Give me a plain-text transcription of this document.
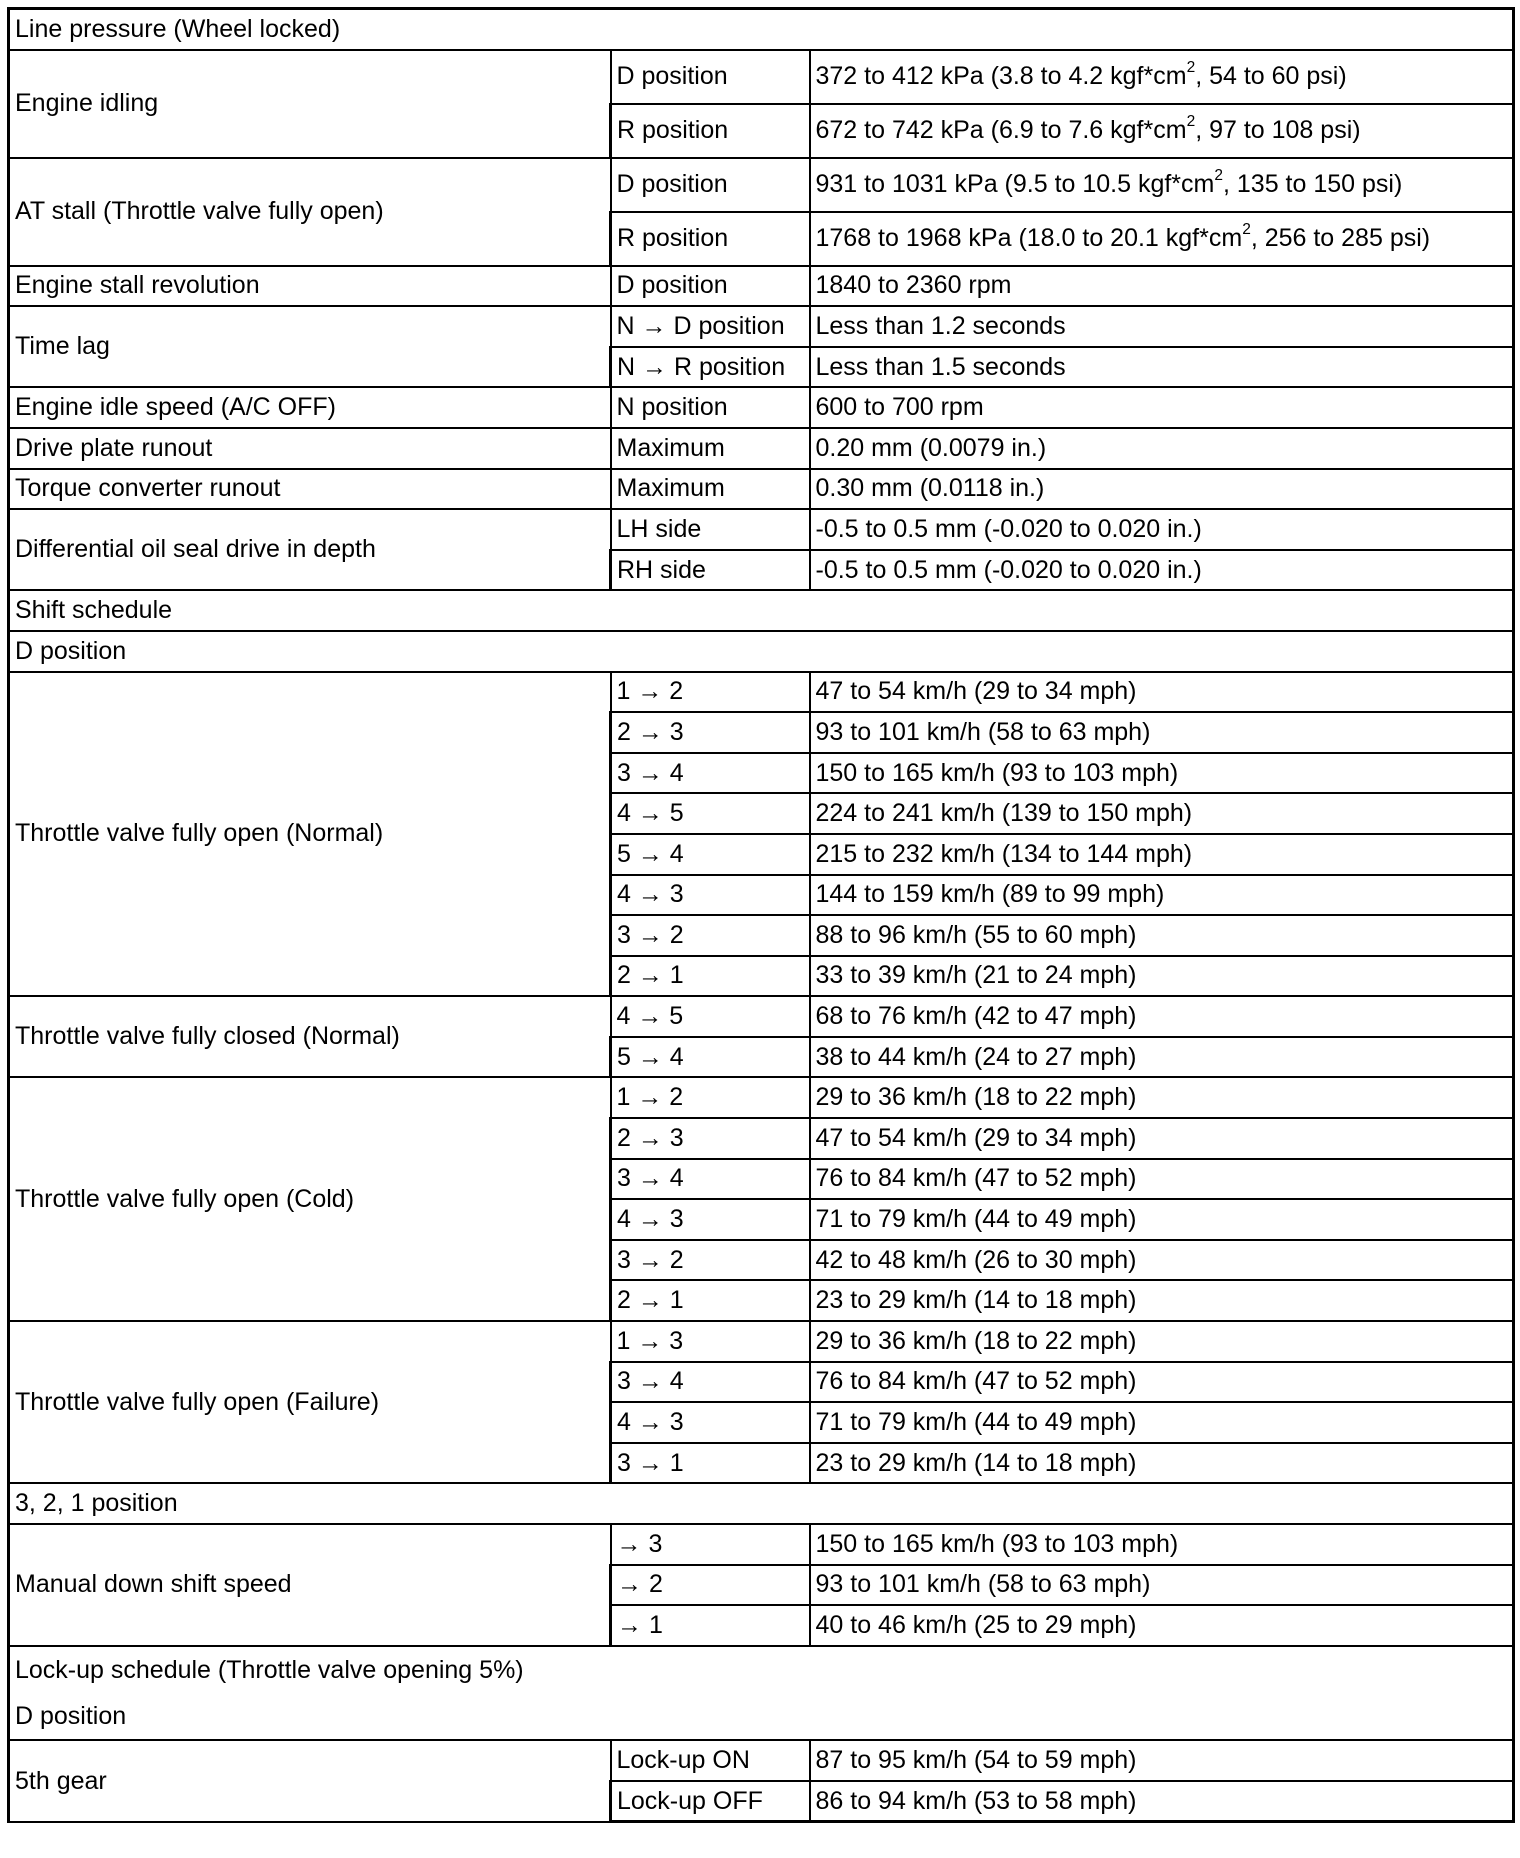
Line pressure (Wheel locked)		
Engine idling	D position	372 to 412 kPa (3.8 to 4.2 $kgf*cm^2$, 54 to 60 psi)
	R position	672 to 742 kPa (6.9 to 7.6 $kgf*cm^2$, 97 to 108 psi)
AT stall (Throttle valve fully open)	D position	931 to 1031 kPa (9.5 to 10.5 $kgf*cm^2$, 135 to 150 psi)
	R position	1768 to 1968 kPa (18.0 to 20.1 $kgf*cm^2$, 256 to 285 psi)
Engine stall revolution	D position	1840 to 2360 rpm
Time lag	N → D position	Less than 1.2 seconds
	N → R position	Less than 1.5 seconds
Engine idle speed (A/C OFF)	N position	600 to 700 rpm
Drive plate runout	Maximum	0.20 mm (0.0079 in.)
Torque converter runout	Maximum	0.30 mm (0.0118 in.)
Differential oil seal drive in depth	LH side	-0.5 to 0.5 mm (-0.020 to 0.020 in.)
	RH side	-0.5 to 0.5 mm (-0.020 to 0.020 in.)
Shift schedule		
D position		
Throttle valve fully open (Normal)	1 → 2	47 to 54 km/h (29 to 34 mph)
	2 → 3	93 to 101 km/h (58 to 63 mph)
	3 → 4	150 to 165 km/h (93 to 103 mph)
	4 → 5	224 to 241 km/h (139 to 150 mph)
	5 → 4	215 to 232 km/h (134 to 144 mph)
	4 → 3	144 to 159 km/h (89 to 99 mph)
	3 → 2	88 to 96 km/h (55 to 60 mph)
	2 → 1	33 to 39 km/h (21 to 24 mph)
Throttle valve fully closed (Normal)	4 → 5	68 to 76 km/h (42 to 47 mph)
	5 → 4	38 to 44 km/h (24 to 27 mph)
Throttle valve fully open (Cold)	1 → 2	29 to 36 km/h (18 to 22 mph)
	2 → 3	47 to 54 km/h (29 to 34 mph)
	3 → 4	76 to 84 km/h (47 to 52 mph)
	4 → 3	71 to 79 km/h (44 to 49 mph)
	3 → 2	42 to 48 km/h (26 to 30 mph)
	2 → 1	23 to 29 km/h (14 to 18 mph)
Throttle valve fully open (Failure)	1 → 3	29 to 36 km/h (18 to 22 mph)
	3 → 4	76 to 84 km/h (47 to 52 mph)
	4 → 3	71 to 79 km/h (44 to 49 mph)
	3 → 1	23 to 29 km/h (14 to 18 mph)
3, 2, 1 position		
Manual down shift speed	→ 3	150 to 165 km/h (93 to 103 mph)
	→ 2	93 to 101 km/h (58 to 63 mph)
	→ 1	40 to 46 km/h (25 to 29 mph)

Lock-up schedule (Throttle valve opening 5%)
D position		

5th gear	Lock-up ON	87 to 95 km/h (54 to 59 mph)
	Lock-up OFF	86 to 94 km/h (53 to 58 mph)
